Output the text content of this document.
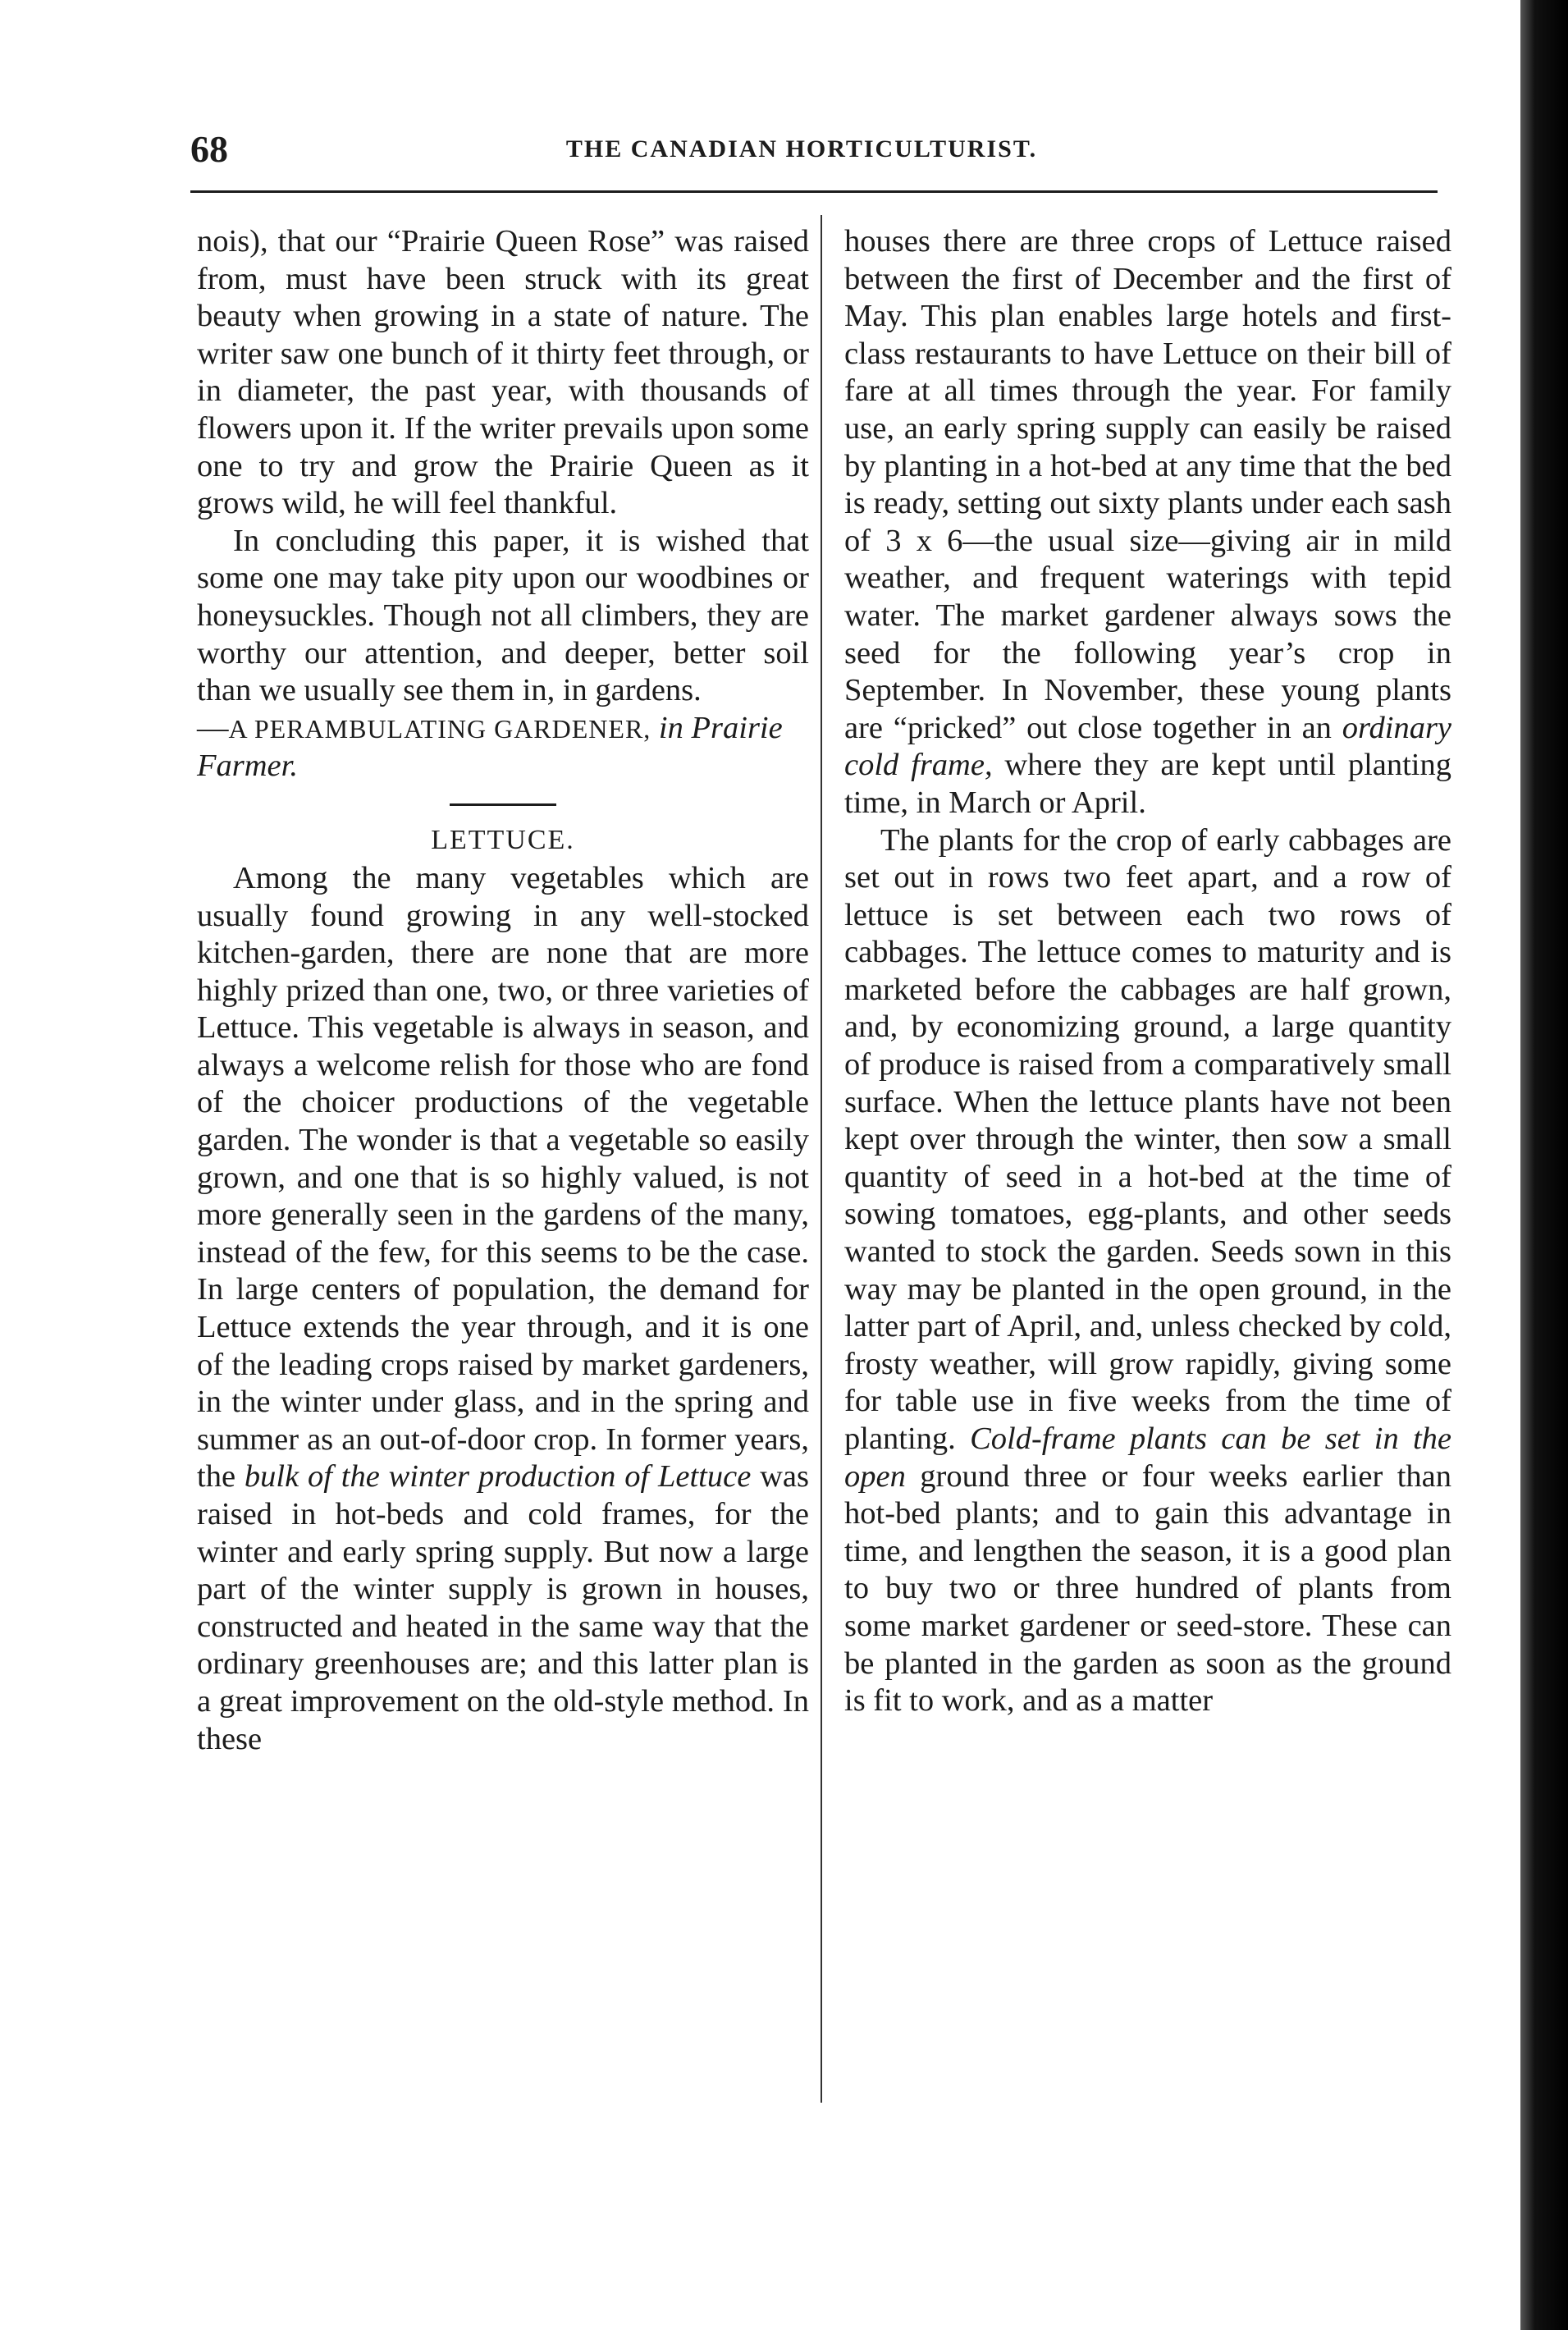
68	THE CANADIAN HORTICULTURIST.

nois), that our “Prairie Queen Rose” was raised from, must have been struck with its great beauty when growing in a state of nature. The writer saw one bunch of it thirty feet through, or in diameter, the past year, with thousands of flowers upon it. If the writer prevails upon some one to try and grow the Prairie Queen as it grows wild, he will feel thankful.

In concluding this paper, it is wished that some one may take pity upon our woodbines or honeysuckles. Though not all climbers, they are worthy our attention, and deeper, better soil than we usually see them in, in gardens.

—A PERAMBULATING GARDENER, in Prairie Farmer.

LETTUCE.

Among the many vegetables which are usually found growing in any well-stocked kitchen-garden, there are none that are more highly prized than one, two, or three varieties of Lettuce. This vegetable is always in season, and always a welcome relish for those who are fond of the choicer productions of the vegetable garden. The wonder is that a vegetable so easily grown, and one that is so highly valued, is not more generally seen in the gardens of the many, instead of the few, for this seems to be the case. In large centers of population, the demand for Lettuce extends the year through, and it is one of the leading crops raised by market gardeners, in the winter under glass, and in the spring and summer as an out-of-door crop. In former years, the bulk of the winter production of Lettuce was raised in hot-beds and cold frames, for the winter and early spring supply. But now a large part of the winter supply is grown in houses, constructed and heated in the same way that the ordinary greenhouses are; and this latter plan is a great improvement on the old-style method. In these

houses there are three crops of Lettuce raised between the first of December and the first of May. This plan enables large hotels and first-class restaurants to have Lettuce on their bill of fare at all times through the year. For family use, an early spring supply can easily be raised by planting in a hot-bed at any time that the bed is ready, setting out sixty plants under each sash of 3 x 6—the usual size—giving air in mild weather, and frequent waterings with tepid water. The market gardener always sows the seed for the following year’s crop in September. In November, these young plants are “pricked” out close together in an ordinary cold frame, where they are kept until planting time, in March or April.

The plants for the crop of early cabbages are set out in rows two feet apart, and a row of lettuce is set between each two rows of cabbages. The lettuce comes to maturity and is marketed before the cabbages are half grown, and, by economizing ground, a large quantity of produce is raised from a comparatively small surface. When the lettuce plants have not been kept over through the winter, then sow a small quantity of seed in a hot-bed at the time of sowing tomatoes, egg-plants, and other seeds wanted to stock the garden. Seeds sown in this way may be planted in the open ground, in the latter part of April, and, unless checked by cold, frosty weather, will grow rapidly, giving some for table use in five weeks from the time of planting. Cold-frame plants can be set in the open ground three or four weeks earlier than hot-bed plants; and to gain this advantage in time, and lengthen the season, it is a good plan to buy two or three hundred of plants from some market gardener or seed-store. These can be planted in the garden as soon as the ground is fit to work, and as a matter
